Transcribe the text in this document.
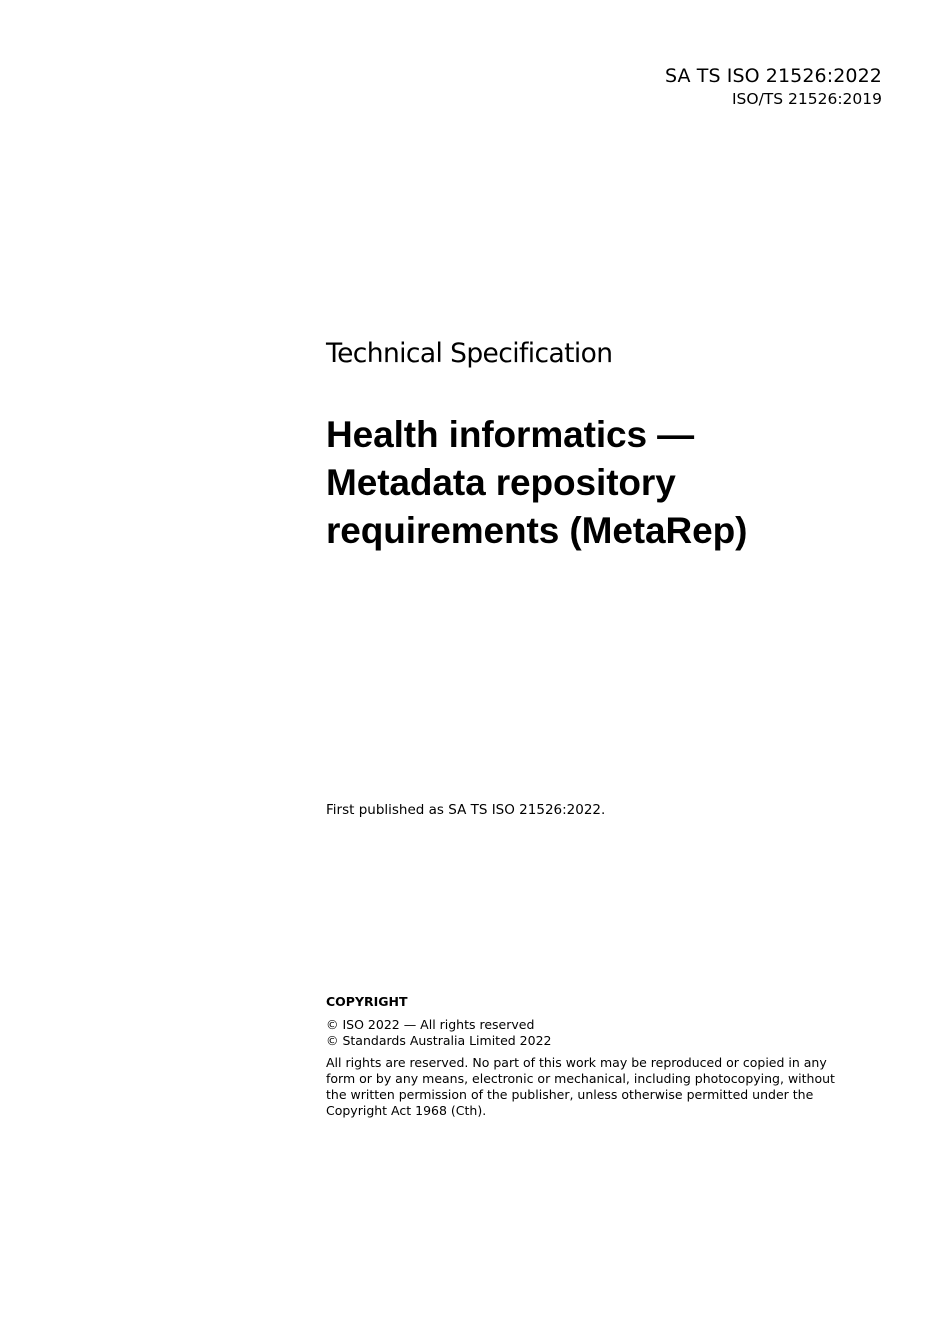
SA TS ISO 21526:2022
ISO/TS 21526:2019
Technical Specification
Health informatics —
Metadata repository
requirements (MetaRep)
First published as SA TS ISO 21526:2022.
COPYRIGHT
© ISO 2022 — All rights reserved
© Standards Australia Limited 2022
All rights are reserved. No part of this work may be reproduced or copied in any form or by any means, electronic or mechanical, including photocopying, without the written permission of the publisher, unless otherwise permitted under the Copyright Act 1968 (Cth).
